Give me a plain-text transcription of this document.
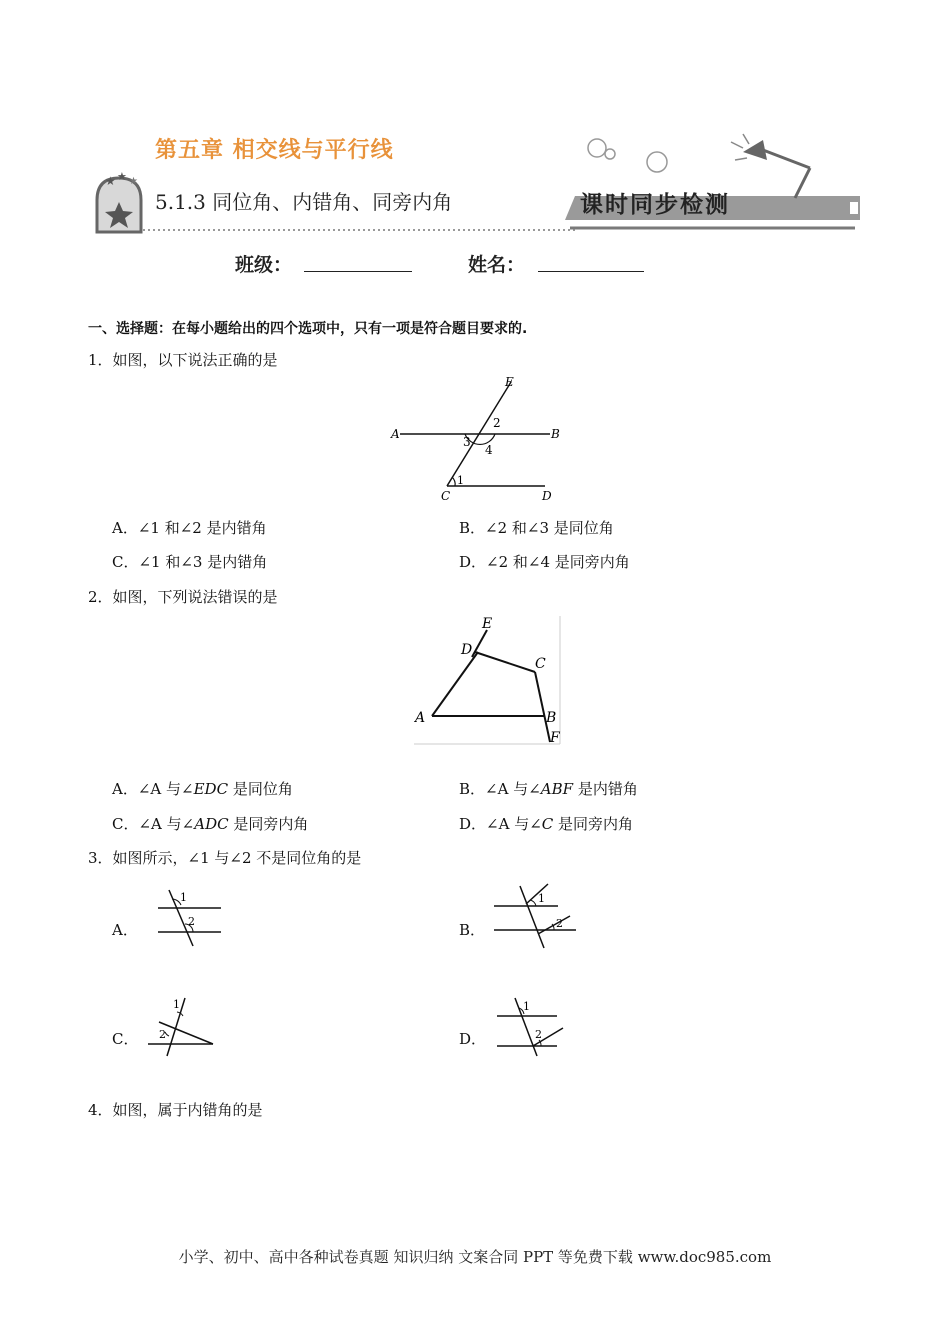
★ ★ ★
第五章 相交线与平行线
5.1.3 同位角、内错角、同旁内角	课时同步检测
班级：	姓名：
一、选择题：在每小题给出的四个选项中，只有一项是符合题目要求的.
1．如图，以下说法正确的是
E
A	B
C	D
1
2
3
4
A．∠1 和∠2 是内错角	B．∠2 和∠3 是同位角
C．∠1 和∠3 是内错角	D．∠2 和∠4 是同旁内角
2．如图，下列说法错误的是
E
D
C
A	B
F
A．∠A 与∠EDC 是同位角	B．∠A 与∠ABF 是内错角
C．∠A 与∠ADC 是同旁内角	D．∠A 与∠C 是同旁内角
3．如图所示，∠1 与∠2 不是同位角的是
A．
1
2	B．
1
2
C．
1
2	D．
1
2
4．如图，属于内错角的是
小学、初中、高中各种试卷真题 知识归纳 文案合同 PPT 等免费下载 www.doc985.com
